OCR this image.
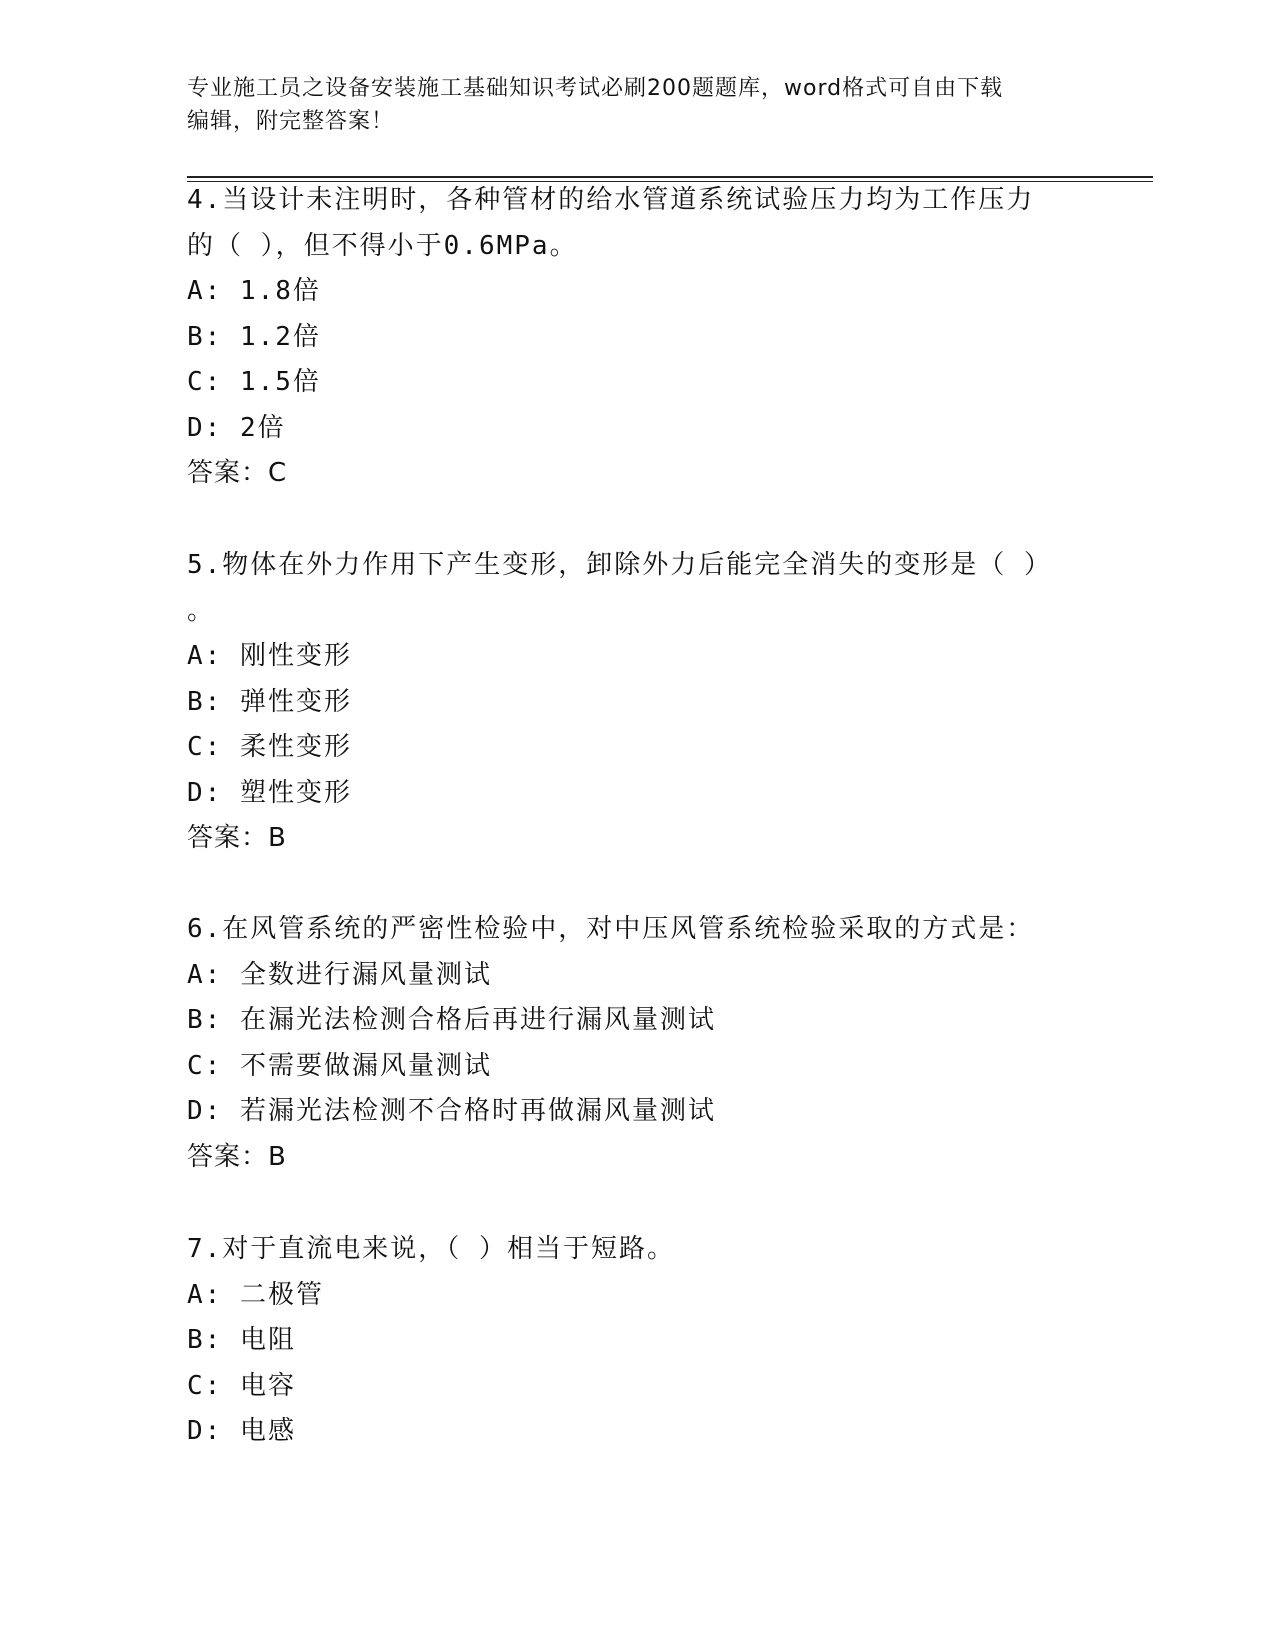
专业施工员之设备安装施工基础知识考试必刷200题题库，word格式可自由下载
编辑，附完整答案！
4.当设计未注明时，各种管材的给水管道系统试验压力均为工作压力
的（ ），但不得小于0.6MPa。
A: 1.8倍
B: 1.2倍
C: 1.5倍
D: 2倍
答案：C
5.物体在外力作用下产生变形，卸除外力后能完全消失的变形是（ ）
。
A: 刚性变形
B: 弹性变形
C: 柔性变形
D: 塑性变形
答案：B
6.在风管系统的严密性检验中，对中压风管系统检验采取的方式是：
A: 全数进行漏风量测试
B: 在漏光法检测合格后再进行漏风量测试
C: 不需要做漏风量测试
D: 若漏光法检测不合格时再做漏风量测试
答案：B
7.对于直流电来说，（ ）相当于短路。
A: 二极管
B: 电阻
C: 电容
D: 电感
